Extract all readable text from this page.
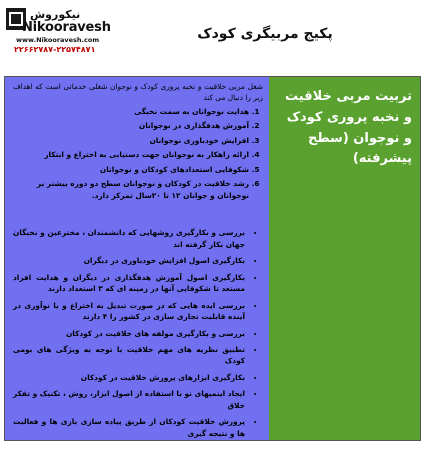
نیکوروش
Nikooravesh
www.Nikooravesh.com
۲۲۶۶۲۷۸۷-۲۲۵۷۴۸۷۱
پکیج مربیگری کودک

شغل مربی خلاقیت و نخبه پروری کودک و نوجوان شغلی خدماتی است که اهداف زیر را دنبال می کند

1. هدایت نوجوانان به سمت نخبگی
2. آموزش هدفگذاری در نوجوانان
3. افزایش خودباوری نوجوانان
4. ارائه راهکار به نوجوانان جهت دستیابی به اختراع و ابتکار
5. شکوفایی استعدادهای کودکان و نوجوانان
6. رشد خلاقیت در کودکان و نوجوانان سطح دو دوره بیشتر بر نوجوانان و جوانان ۱۲ تا ۲۰سال تمرکز دارد.
• بررسی و بکارگیری روشهایی که دانشمندان ، مخترعین و نخبگان جهان بکار گرفته اند
• بکارگیری اصول افزایش خودباوری در دیگران
• بکارگیری اصول آموزش هدفگذاری در دیگران و هدایت افراد مستعد تا شکوفایی آنها در زمینه ای که ۳ استعداد دارند
• بررسی ایده هایی که در صورت تبدیل به اختراع و یا نوآوری در آینده قابلیت تجاری سازی در کشور را ۴ دارند
• بررسی و بکارگیری مولفه های خلاقیت در کودکان
• تطبیق نظریه های مهم خلاقیت با توجه به ویژگی های بومی کودک
• بکارگیری ابزارهای پرورش خلاقیت در کودکان
• ایجاد اینمیهای نو با استفاده از اصول ابزار، روش ، تکنیک و تفکر خلاق
• پرورش خلاقیت کودکان از طریق پیاده سازی بازی ها و فعالیت ها و نتیجه گیری
تربیت مربی خلاقیت و نخبه پروری کودک و نوجوان (سطح پیشرفته)
